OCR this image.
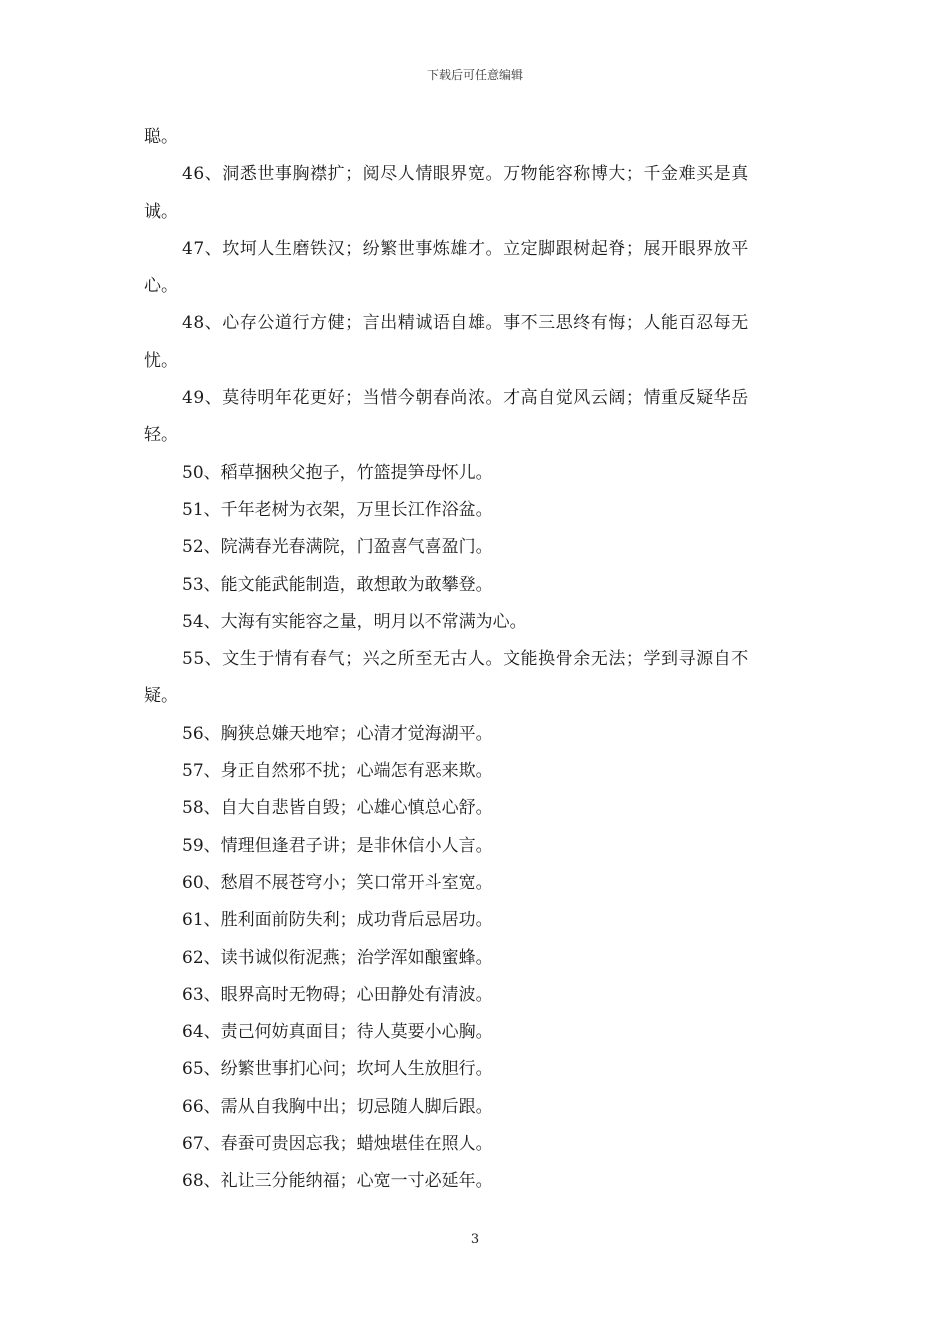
下载后可任意编辑
聪。
46、洞悉世事胸襟扩；阅尽人情眼界宽。万物能容称博大；千金难买是真
诚。
47、坎坷人生磨铁汉；纷繁世事炼雄才。立定脚跟树起脊；展开眼界放平
心。
48、心存公道行方健；言出精诚语自雄。事不三思终有悔；人能百忍每无
忧。
49、莫待明年花更好；当惜今朝春尚浓。才高自觉风云阔；情重反疑华岳
轻。
50、稻草捆秧父抱子，竹篮提笋母怀儿。
51、千年老树为衣架，万里长江作浴盆。
52、院满春光春满院，门盈喜气喜盈门。
53、能文能武能制造，敢想敢为敢攀登。
54、大海有实能容之量，明月以不常满为心。
55、文生于情有春气；兴之所至无古人。文能换骨余无法；学到寻源自不
疑。
56、胸狭总嫌天地窄；心清才觉海湖平。
57、身正自然邪不扰；心端怎有恶来欺。
58、自大自悲皆自毁；心雄心慎总心舒。
59、情理但逢君子讲；是非休信小人言。
60、愁眉不展苍穹小；笑口常开斗室宽。
61、胜利面前防失利；成功背后忌居功。
62、读书诚似衔泥燕；治学浑如酿蜜蜂。
63、眼界高时无物碍；心田静处有清波。
64、责己何妨真面目；待人莫要小心胸。
65、纷繁世事扪心问；坎坷人生放胆行。
66、需从自我胸中出；切忌随人脚后跟。
67、春蚕可贵因忘我；蜡烛堪佳在照人。
68、礼让三分能纳福；心宽一寸必延年。
3
